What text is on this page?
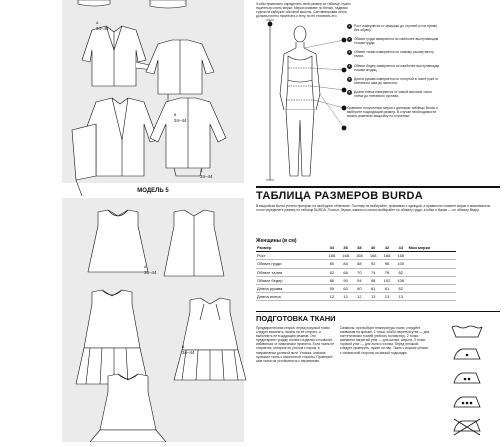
МОДЕЛЬ 5
A
34–44
B
34–44
C
34–44
A
34–44
B
34–44
Чтобы правильно определить свой размер по таблице, нужно тщательно снять мерки. Мерки снимают по белью, надевая туфли на каблуках обычной высоты. Сантиметровая лента должна плотно прилегать к телу, но не стягивать его.
1	Рост измеряется от макушки до ступней (стоя прямо, без обуви).
2	Обхват груди измеряется по наиболее выступающим точкам груди.
3	Обхват талии измеряется по самому узкому месту талии.
4	Обхват бедер измеряется по наиболее выступающим точкам ягодиц.
5	Длина рукава измеряется по согнутой в локте руке от плечевого шва до запястья.
6	Длина плеча измеряется от самой высокой точки плеча до плечевого сустава.
Сравните полученные мерки с данными таблицы Burda и выберите подходящий размер. В случае необходимости можно изменить выкройку по ступеням.
ТАБЛИЦА РАЗМЕРОВ BURDA
В выкройках Burda учтены припуски на свободное облегание. Поэтому не выбирайте, сравнивая с одеждой, а правильно снимите мерки и максимально точно определите размер по таблице BURDA. Платья, блузки, жакеты и пальто выбирайте по обхвату груди, а юбки и брюки — по обхвату бедер.
Женщины (в см)
Размер	34	36	38	40	42	44	Мои мерки
Рост	168	168	168	168	168	168	
Обхват груди	80	84	88	92	96	100	
Обхват талии	62	66	70	74	78	82	
Обхват бедер	86	90	94	98	102	106	
Длина рукава	59	60	60	61	61	62	
Длина плеча	12	12	12	13	13	13	
ПОДГОТОВКА ТКАНИ
Предварительная стирка: перед покупкой ткани следует выяснить, можно ли ее стирать, и выполнить ее в щадящем режиме. Это предотвратит усадку готового изделия и позволит избавиться от химических пропиток. Если ткань не стирается, отпарьте ее утюгом с паром, в направлении долевой нити. Утюжка: сначала сутюжьте ткань с изнаночной стороны. Проверьте шов ткани на устойчивость к нагреванию.
Символы: при выборе температуры ткани, следуйте символам на ярлыке. 1 точка: слабо нагретый утюг — для синтетических тканей (нейлон, полиэстер). 2 точки: умеренно нагретый утюг — для шелка, шерсти. 3 точки: горячий утюг — для льна и хлопка. Перед утюжкой следует проверить, нужен ли пар. Ткань с ворсом утюжат с изнаночной стороны на мягкой подкладке.
